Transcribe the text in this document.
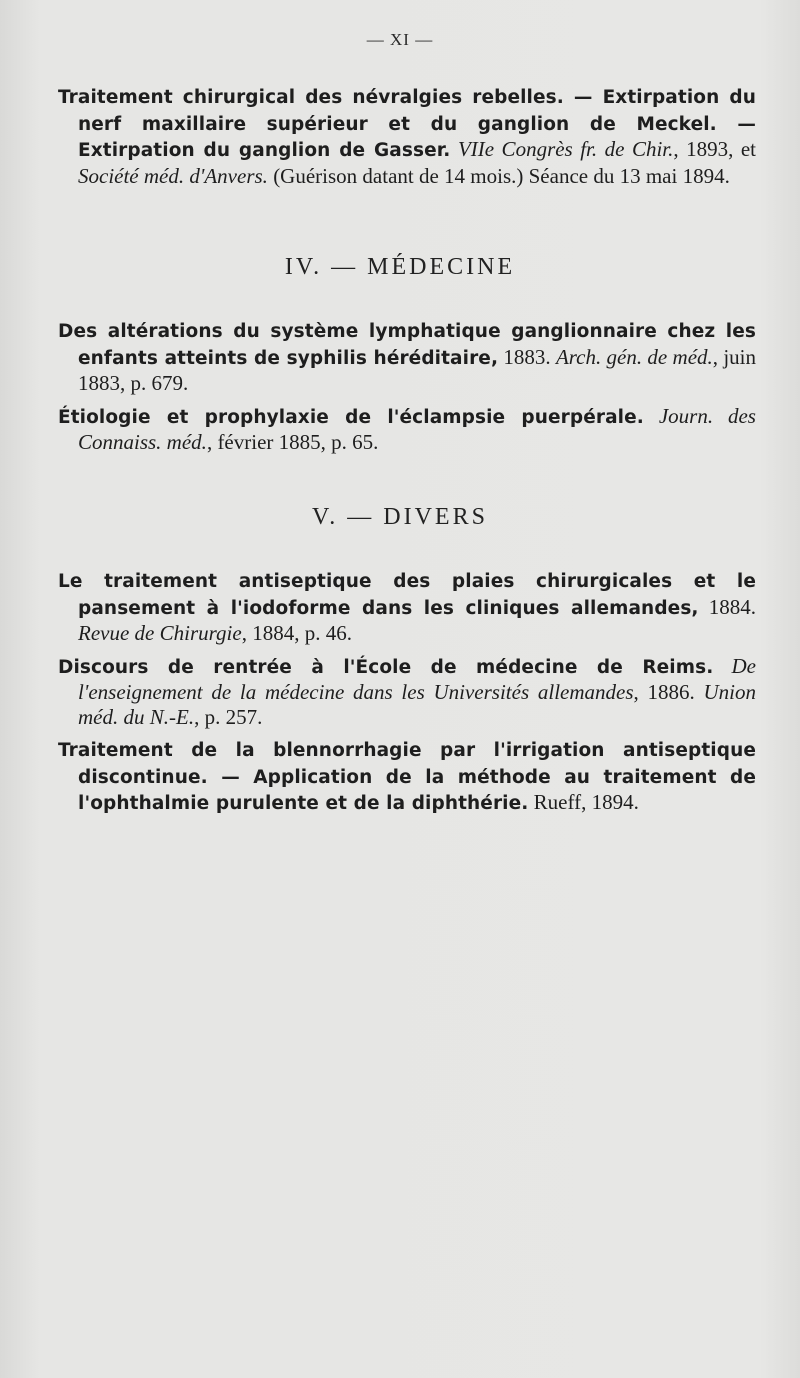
— XI —

Traitement chirurgical des névralgies rebelles. — Extirpation du nerf maxillaire supérieur et du ganglion de Meckel. — Extirpation du ganglion de Gasser. VIIe Congrès fr. de Chir., 1893, et Société méd. d'Anvers. (Guérison datant de 14 mois.) Séance du 13 mai 1894.

IV. — MÉDECINE

Des altérations du système lymphatique ganglionnaire chez les enfants atteints de syphilis héréditaire, 1883. Arch. gén. de méd., juin 1883, p. 679.

Étiologie et prophylaxie de l'éclampsie puerpérale. Journ. des Connaiss. méd., février 1885, p. 65.

V. — DIVERS

Le traitement antiseptique des plaies chirurgicales et le pansement à l'iodoforme dans les cliniques allemandes, 1884. Revue de Chirurgie, 1884, p. 46.

Discours de rentrée à l'École de médecine de Reims. De l'enseignement de la médecine dans les Universités allemandes, 1886. Union méd. du N.-E., p. 257.

Traitement de la blennorrhagie par l'irrigation antiseptique discontinue. — Application de la méthode au traitement de l'ophthalmie purulente et de la diphthérie. Rueff, 1894.
